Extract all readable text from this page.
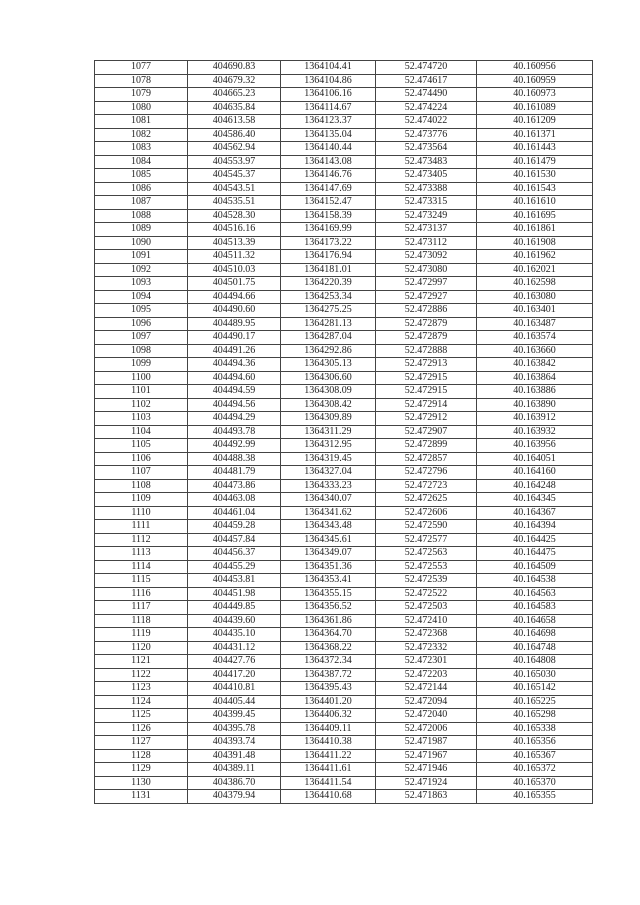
1077	404690.83	1364104.41	52.474720	40.160956
1078	404679.32	1364104.86	52.474617	40.160959
1079	404665.23	1364106.16	52.474490	40.160973
1080	404635.84	1364114.67	52.474224	40.161089
1081	404613.58	1364123.37	52.474022	40.161209
1082	404586.40	1364135.04	52.473776	40.161371
1083	404562.94	1364140.44	52.473564	40.161443
1084	404553.97	1364143.08	52.473483	40.161479
1085	404545.37	1364146.76	52.473405	40.161530
1086	404543.51	1364147.69	52.473388	40.161543
1087	404535.51	1364152.47	52.473315	40.161610
1088	404528.30	1364158.39	52.473249	40.161695
1089	404516.16	1364169.99	52.473137	40.161861
1090	404513.39	1364173.22	52.473112	40.161908
1091	404511.32	1364176.94	52.473092	40.161962
1092	404510.03	1364181.01	52.473080	40.162021
1093	404501.75	1364220.39	52.472997	40.162598
1094	404494.66	1364253.34	52.472927	40.163080
1095	404490.60	1364275.25	52.472886	40.163401
1096	404489.95	1364281.13	52.472879	40.163487
1097	404490.17	1364287.04	52.472879	40.163574
1098	404491.26	1364292.86	52.472888	40.163660
1099	404494.36	1364305.13	52.472913	40.163842
1100	404494.60	1364306.60	52.472915	40.163864
1101	404494.59	1364308.09	52.472915	40.163886
1102	404494.56	1364308.42	52.472914	40.163890
1103	404494.29	1364309.89	52.472912	40.163912
1104	404493.78	1364311.29	52.472907	40.163932
1105	404492.99	1364312.95	52.472899	40.163956
1106	404488.38	1364319.45	52.472857	40.164051
1107	404481.79	1364327.04	52.472796	40.164160
1108	404473.86	1364333.23	52.472723	40.164248
1109	404463.08	1364340.07	52.472625	40.164345
1110	404461.04	1364341.62	52.472606	40.164367
1111	404459.28	1364343.48	52.472590	40.164394
1112	404457.84	1364345.61	52.472577	40.164425
1113	404456.37	1364349.07	52.472563	40.164475
1114	404455.29	1364351.36	52.472553	40.164509
1115	404453.81	1364353.41	52.472539	40.164538
1116	404451.98	1364355.15	52.472522	40.164563
1117	404449.85	1364356.52	52.472503	40.164583
1118	404439.60	1364361.86	52.472410	40.164658
1119	404435.10	1364364.70	52.472368	40.164698
1120	404431.12	1364368.22	52.472332	40.164748
1121	404427.76	1364372.34	52.472301	40.164808
1122	404417.20	1364387.72	52.472203	40.165030
1123	404410.81	1364395.43	52.472144	40.165142
1124	404405.44	1364401.20	52.472094	40.165225
1125	404399.45	1364406.32	52.472040	40.165298
1126	404395.78	1364409.11	52.472006	40.165338
1127	404393.74	1364410.38	52.471987	40.165356
1128	404391.48	1364411.22	52.471967	40.165367
1129	404389.11	1364411.61	52.471946	40.165372
1130	404386.70	1364411.54	52.471924	40.165370
1131	404379.94	1364410.68	52.471863	40.165355
